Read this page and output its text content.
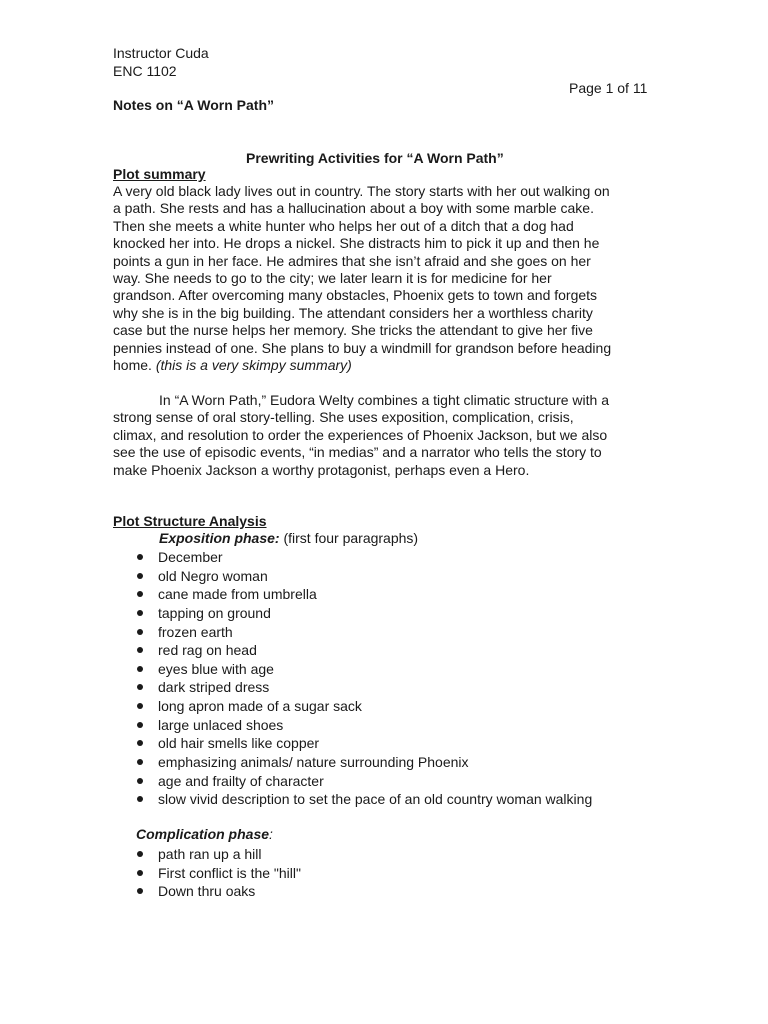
Instructor Cuda
ENC 1102
Page 1 of 11
Notes on “A Worn Path”
Prewriting Activities for “A Worn Path”
Plot summary
A very old black lady lives out in country. The story starts with her out walking on
a path. She rests and has a hallucination about a boy with some marble cake.
Then she meets a white hunter who helps her out of a ditch that a dog had
knocked her into. He drops a nickel. She distracts him to pick it up and then he
points a gun in her face. He admires that she isn’t afraid and she goes on her
way. She needs to go to the city; we later learn it is for medicine for her
grandson. After overcoming many obstacles, Phoenix gets to town and forgets
why she is in the big building. The attendant considers her a worthless charity
case but the nurse helps her memory. She tricks the attendant to give her five
pennies instead of one. She plans to buy a windmill for grandson before heading
home. (this is a very skimpy summary)
In “A Worn Path,” Eudora Welty combines a tight climatic structure with a
strong sense of oral story-telling. She uses exposition, complication, crisis,
climax, and resolution to order the experiences of Phoenix Jackson, but we also
see the use of episodic events, “in medias” and a narrator who tells the story to
make Phoenix Jackson a worthy protagonist, perhaps even a Hero.
Plot Structure Analysis
Exposition phase: (first four paragraphs)
December
old Negro woman
cane made from umbrella
tapping on ground
frozen earth
red rag on head
eyes blue with age
dark striped dress
long apron made of a sugar sack
large unlaced shoes
old hair smells like copper
emphasizing animals/ nature surrounding Phoenix
age and frailty of character
slow vivid description to set the pace of an old country woman walking
Complication phase:
path ran up a hill
First conflict is the "hill"
Down thru oaks
